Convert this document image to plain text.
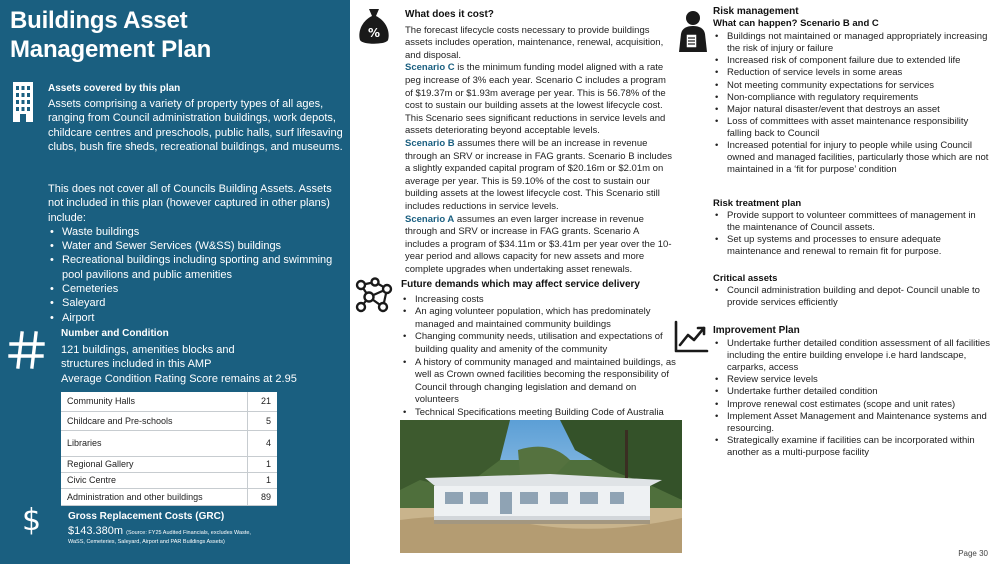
Buildings Asset
Management Plan
Assets covered by this plan

Assets comprising a variety of property types of all ages, ranging from Council administration buildings, work depots, childcare centres and preschools, public halls, surf lifesaving clubs, bush fire sheds, recreational buildings, and museums.

This does not cover all of Councils Building Assets. Assets not included in this plan (however captured in other plans) include:

• Waste buildings
• Water and Sewer Services (W&SS) buildings
• Recreational buildings including sporting and swimming pool pavilions and public amenities
• Cemeteries
• Saleyard
• Airport
Number and Condition
121 buildings, amenities blocks and
structures included in this AMP
Average Condition Rating Score remains at 2.95
Community Halls	21
Childcare and Pre-schools	5
Libraries	4
Regional Gallery	1
Civic Centre	1
Administration and other buildings	89
$	Gross Replacement Costs (GRC)
$143.380m (Source: FY25 Audited Financials, excludes Waste,
WaSS, Cemeteries, Saleyard, Airport and PAR Buildings Assets)
%
What does it cost?

The forecast lifecycle costs necessary to provide buildings assets includes operation, maintenance, renewal, acquisition, and disposal.

Scenario C is the minimum funding model aligned with a rate peg increase of 3% each year. Scenario C includes a program of $19.37m or $1.93m average per year. This is 56.78% of the cost to sustain our building assets at the lowest lifecycle cost. This Scenario sees significant reductions in service levels and assets deteriorating beyond acceptable levels.

Scenario B assumes there will be an increase in revenue through an SRV or increase in FAG grants. Scenario B includes a slightly expanded capital program of $20.16m or $2.01m on average per year. This is 59.10% of the cost to sustain our building assets at the lowest lifecycle cost. This Scenario still includes reductions in service levels.

Scenario A assumes an even larger increase in revenue through and SRV or increase in FAG grants. Scenario A includes a program of $34.11m or $3.41m per year over the 10-year period and allows capacity for new assets and more complete upgrades when undertaking asset renewals.

Future demands which may affect service delivery
• Increasing costs
• An aging volunteer population, which has predominately managed and maintained community buildings
• Changing community needs, utilisation and expectations of building quality and amenity of the community
• A history of community managed and maintained buildings, as well as Crown owned facilities becoming the responsibility of Council through changing legislation and demand on volunteers
• Technical Specifications meeting Building Code of Australia
Risk management
What can happen? Scenario B and C
• Buildings not maintained or managed appropriately increasing the risk of injury or failure
• Increased risk of component failure due to extended life
• Reduction of service levels in some areas
• Not meeting community expectations for services
• Non-compliance with regulatory requirements
• Major natural disaster/event that destroys an asset
• Loss of committees with asset maintenance responsibility falling back to Council
• Increased potential for injury to people while using Council owned and managed facilities, particularly those which are not maintained in a ‘fit for purpose’ condition
Risk treatment plan
• Provide support to volunteer committees of management in the maintenance of Council assets.
• Set up systems and processes to ensure adequate maintenance and renewal to remain fit for purpose.
Critical assets
• Council administration building and depot- Council unable to provide services efficiently
Improvement Plan
• Undertake further detailed condition assessment of all facilities including the entire building envelope i.e hard landscape, carparks, access
• Review service levels
• Undertake further detailed condition
• Improve renewal cost estimates (scope and unit rates)
• Implement Asset Management and Maintenance systems and resourcing.
• Strategically examine if facilities can be incorporated within another as a multi-purpose facility
Page 30
